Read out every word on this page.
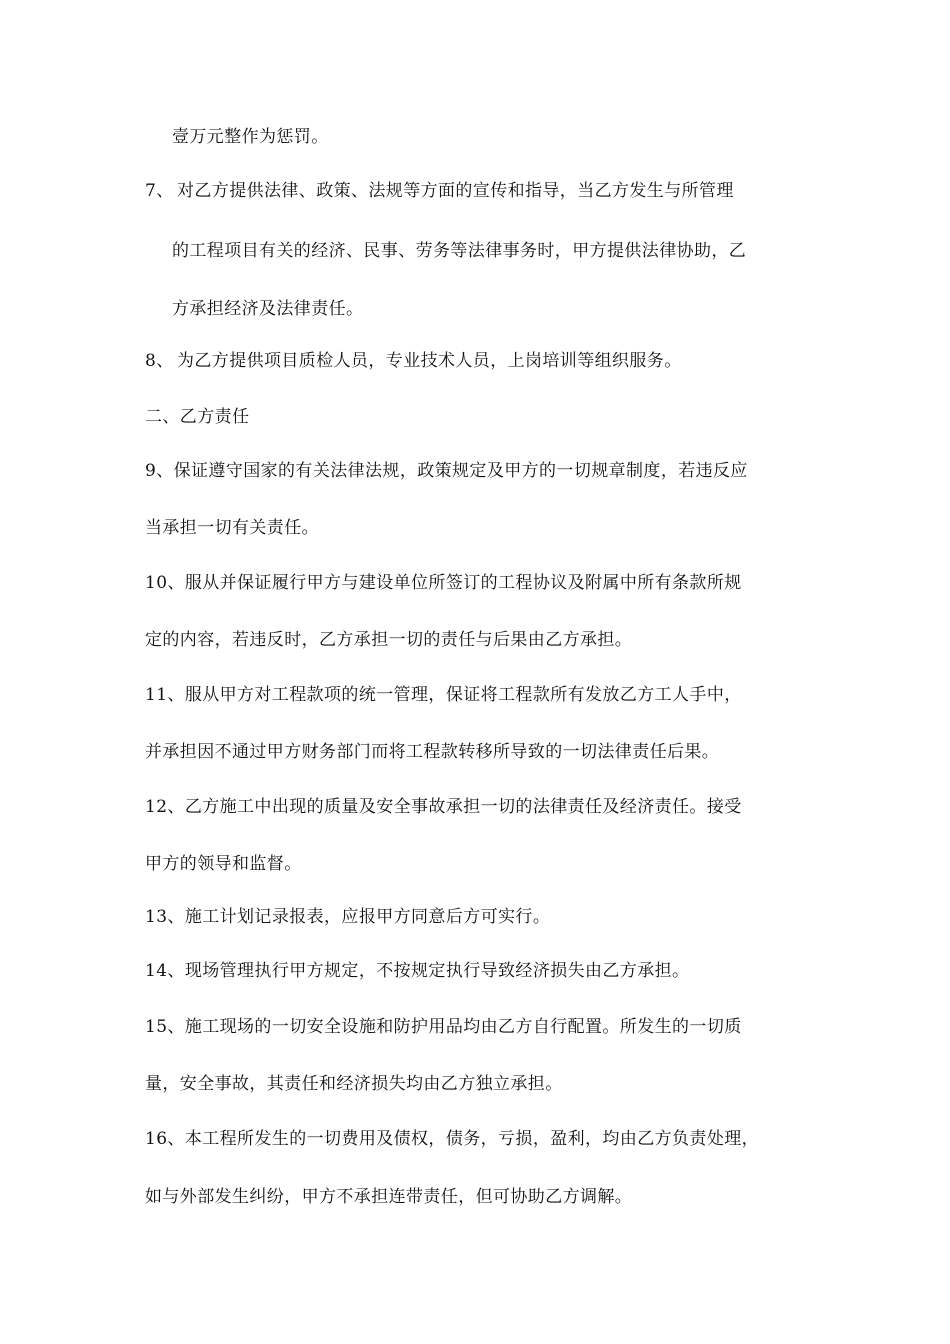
壹万元整作为惩罚。
7、 对乙方提供法律、政策、法规等方面的宣传和指导，当乙方发生与所管理
的工程项目有关的经济、民事、劳务等法律事务时，甲方提供法律协助，乙
方承担经济及法律责任。
8、 为乙方提供项目质检人员，专业技术人员，上岗培训等组织服务。
二、乙方责任
9、保证遵守国家的有关法律法规，政策规定及甲方的一切规章制度，若违反应
当承担一切有关责任。
10、服从并保证履行甲方与建设单位所签订的工程协议及附属中所有条款所规
定的内容，若违反时，乙方承担一切的责任与后果由乙方承担。
11、服从甲方对工程款项的统一管理，保证将工程款所有发放乙方工人手中，
并承担因不通过甲方财务部门而将工程款转移所导致的一切法律责任后果。
12、乙方施工中出现的质量及安全事故承担一切的法律责任及经济责任。接受
甲方的领导和监督。
13、施工计划记录报表，应报甲方同意后方可实行。
14、现场管理执行甲方规定，不按规定执行导致经济损失由乙方承担。
15、施工现场的一切安全设施和防护用品均由乙方自行配置。所发生的一切质
量，安全事故，其责任和经济损失均由乙方独立承担。
16、本工程所发生的一切费用及债权，债务，亏损，盈利，均由乙方负责处理，
如与外部发生纠纷，甲方不承担连带责任，但可协助乙方调解。
